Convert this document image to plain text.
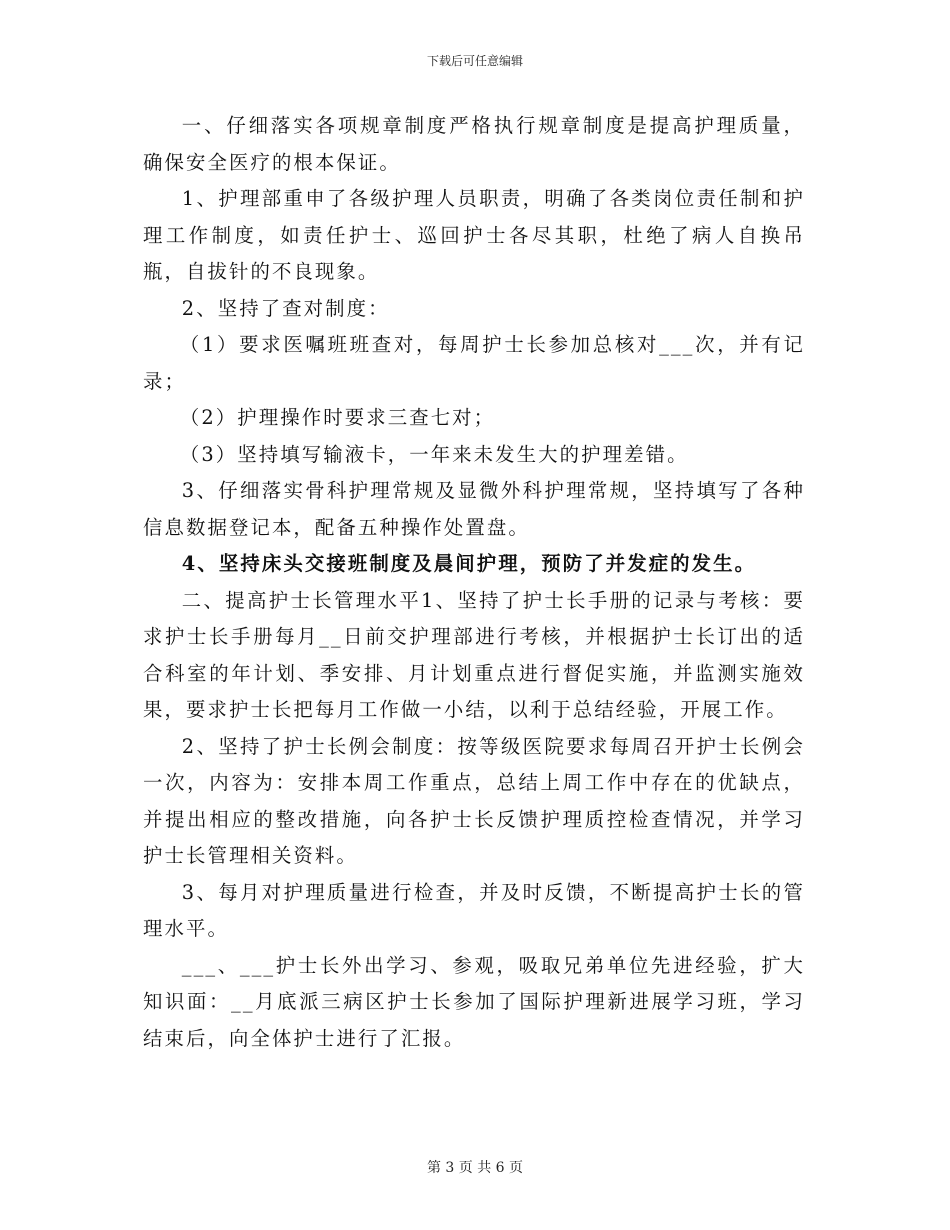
下载后可任意编辑

一、仔细落实各项规章制度严格执行规章制度是提高护理质量，确保安全医疗的根本保证。

1、护理部重申了各级护理人员职责，明确了各类岗位责任制和护理工作制度，如责任护士、巡回护士各尽其职，杜绝了病人自换吊瓶，自拔针的不良现象。

2、坚持了查对制度：

（1）要求医嘱班班查对，每周护士长参加总核对___次，并有记录；

（2）护理操作时要求三查七对；

（3）坚持填写输液卡，一年来未发生大的护理差错。

3、仔细落实骨科护理常规及显微外科护理常规，坚持填写了各种信息数据登记本，配备五种操作处置盘。

4、坚持床头交接班制度及晨间护理，预防了并发症的发生。

二、提高护士长管理水平1、坚持了护士长手册的记录与考核：要求护士长手册每月__日前交护理部进行考核，并根据护士长订出的适合科室的年计划、季安排、月计划重点进行督促实施，并监测实施效果，要求护士长把每月工作做一小结，以利于总结经验，开展工作。

2、坚持了护士长例会制度：按等级医院要求每周召开护士长例会一次，内容为：安排本周工作重点，总结上周工作中存在的优缺点，并提出相应的整改措施，向各护士长反馈护理质控检查情况，并学习护士长管理相关资料。

3、每月对护理质量进行检查，并及时反馈，不断提高护士长的管理水平。

___、___护士长外出学习、参观，吸取兄弟单位先进经验，扩大知识面：__月底派三病区护士长参加了国际护理新进展学习班，学习结束后，向全体护士进行了汇报。

第 3 页 共 6 页
